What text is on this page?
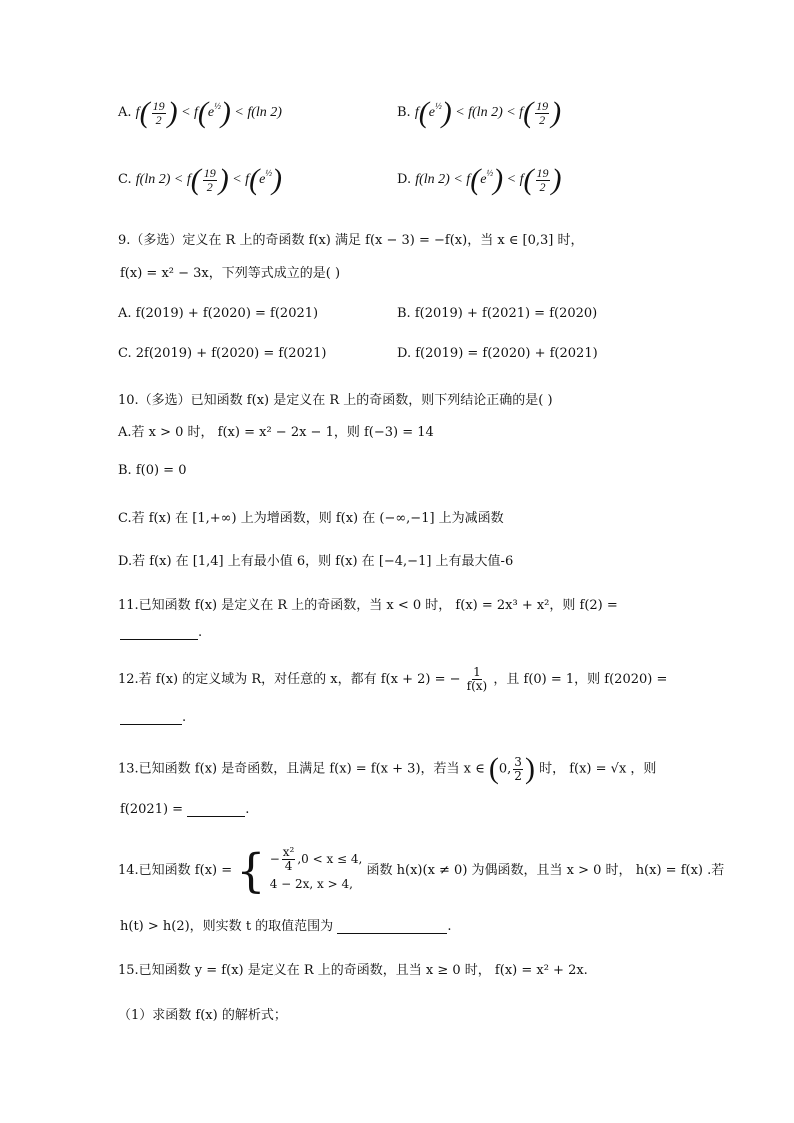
A. $f( \frac{19}{2}$ ) < $f(e^{\frac{1}{2}}) < f(\ln$ 2)	B. $f(e^{\frac{1}{2}}) < f(\ln$ $2) < f( \frac{19}{2}$ )
C. f(ln $2) < f( \frac{19}{2}$ ) < $f(e^{\frac{1}{2}})$	D. f(ln $2) < f(e^{\frac{1}{2}}) < f( \frac{19}{2}$ )
9.（多选）定义在 R 上的奇函数 f(x) 满足 f(x − 3) = −f(x)，当 x ∈ [0,3] 时，
f(x) = x² − 3x，下列等式成立的是( )
A. f(2019) + f(2020) = f(2021)	B. f(2019) + f(2021) = f(2020)
C. 2f(2019) + f(2020) = f(2021)	D. f(2019) = f(2020) + f(2021)
10.（多选）已知函数 f(x) 是定义在 R 上的奇函数，则下列结论正确的是( )
A.若 x > 0 时， f(x) = x² − 2x − 1，则 f(−3) = 14
B. f(0) = 0
C.若 f(x) 在 [1,+∞) 上为增函数，则 f(x) 在 (−∞,−1] 上为减函数
D.若 f(x) 在 [1,4] 上有最小值 6，则 f(x) 在 [−4,−1] 上有最大值-6
11.已知函数 f(x) 是定义在 R 上的奇函数，当 x < 0 时， f(x) = 2x³ + x²，则 f(2) =
.
12.若 f(x) 的定义域为 R，对任意的 x，都有 f(x + 2) = − $\frac{1}{f(x)}$ ，且 f(0) = 1，则 f(2020) =
.
13.已知函数 f(x) 是奇函数，且满足 f(x) = f(x + 3)，若当 x ∈ (0, $\frac{3}{2}$ ) 时， f(x) = √x ，则
f(2021) =	.
14.已知函数 f(x) = { − $\frac{\text{x²}}{4} ,0 < x \le 4$,
4 − 2x, x > 4,
函数 h(x)(x ≠ 0) 为偶函数，且当 x > 0 时， h(x) = f(x) .若
h(t) > h(2)，则实数 t 的取值范围为	.
15.已知函数 y = f(x) 是定义在 R 上的奇函数，且当 x ≥ 0 时， f(x) = x² + 2x.
（1）求函数 f(x) 的解析式；
